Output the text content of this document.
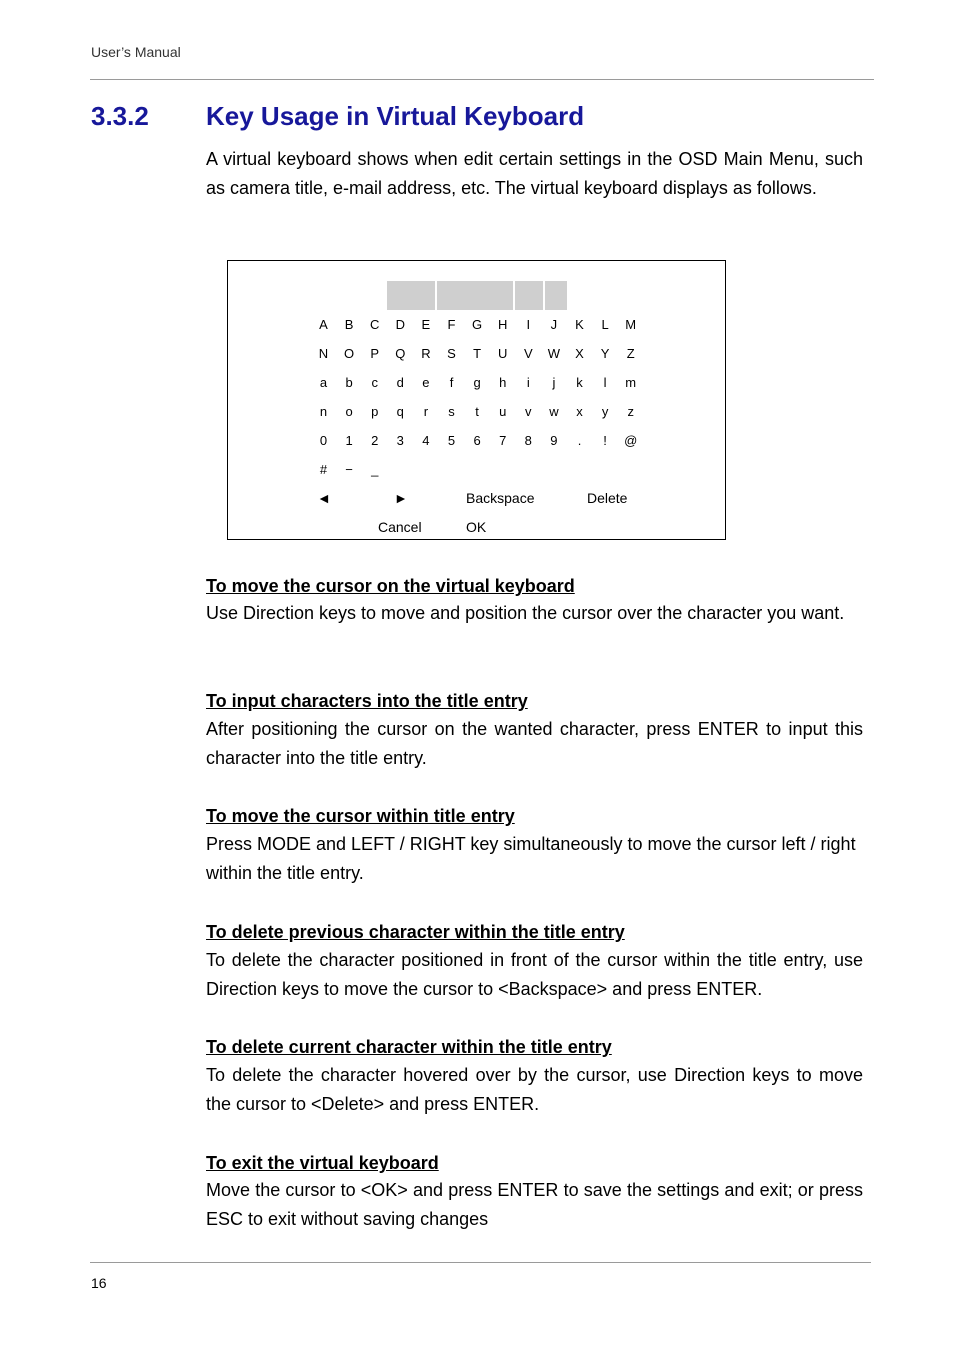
User’s Manual
3.3.2 Key Usage in Virtual Keyboard

A virtual keyboard shows when edit certain settings in the OSD Main Menu, such as camera title, e-mail address, etc. The virtual keyboard displays as follows.

A	B	C	D	E	F	G	H	I	J	K	L	M
N	O	P	Q	R	S	T	U	V	W	X	Y	Z
a	b	c	d	e	f	g	h	i	j	k	l	m
n	o	p	q	r	s	t	u	v	w	x	y	z
0	1	2	3	4	5	6	7	8	9	.	!	@
#	−	_
◄	►	Backspace	Delete
Cancel	OK
To move the cursor on the virtual keyboard

Use Direction keys to move and position the cursor over the character you want.

To input characters into the title entry

After positioning the cursor on the wanted character, press ENTER to input this character into the title entry.

To move the cursor within title entry

Press MODE and LEFT / RIGHT key simultaneously to move the cursor left / right within the title entry.

To delete previous character within the title entry

To delete the character positioned in front of the cursor within the title entry, use Direction keys to move the cursor to <Backspace> and press ENTER.

To delete current character within the title entry

To delete the character hovered over by the cursor, use Direction keys to move the cursor to <Delete> and press ENTER.

To exit the virtual keyboard

Move the cursor to <OK> and press ENTER to save the settings and exit; or press ESC to exit without saving changes

16
